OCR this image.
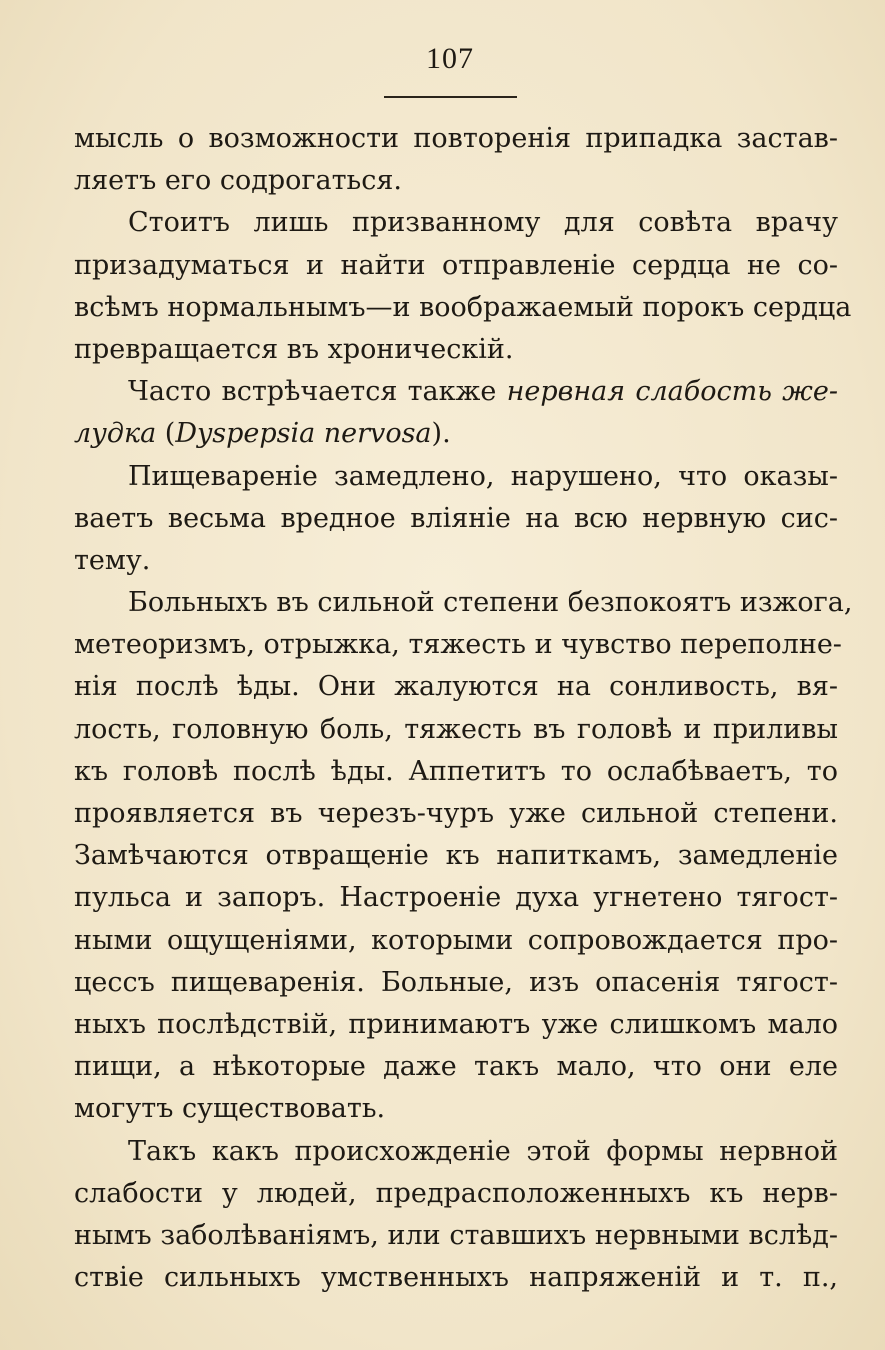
107
мысль о возможности повторенія припадка застав-
ляетъ его содрогаться.
Стоитъ лишь призванному для совѣта врачу
призадуматься и найти отправленіе сердца не со-
всѣмъ нормальнымъ—и воображаемый порокъ сердца
превращается въ хроническій.
Часто встрѣчается также нервная слабость же-
лудка (Dyspepsia nervosa).
Пищевареніе замедлено, нарушено, что оказы-
ваетъ весьма вредное вліяніе на всю нервную сис-
тему.
Больныхъ въ сильной степени безпокоятъ изжога,
метеоризмъ, отрыжка, тяжесть и чувство переполне-
нія послѣ ѣды. Они жалуются на сонливость, вя-
лость, головную боль, тяжесть въ головѣ и приливы
къ головѣ послѣ ѣды. Аппетитъ то ослабѣваетъ, то
проявляется въ черезъ-чуръ уже сильной степени.
Замѣчаются отвращеніе къ напиткамъ, замедленіе
пульса и запоръ. Настроеніе духа угнетено тягост-
ными ощущеніями, которыми сопровождается про-
цессъ пищеваренія. Больные, изъ опасенія тягост-
ныхъ послѣдствій, принимаютъ уже слишкомъ мало
пищи, а нѣкоторые даже такъ мало, что они еле
могутъ существовать.
Такъ какъ происхожденіе этой формы нервной
слабости у людей, предрасположенныхъ къ нерв-
нымъ заболѣваніямъ, или ставшихъ нервными вслѣд-
ствіе сильныхъ умственныхъ напряженій и т. п.,
